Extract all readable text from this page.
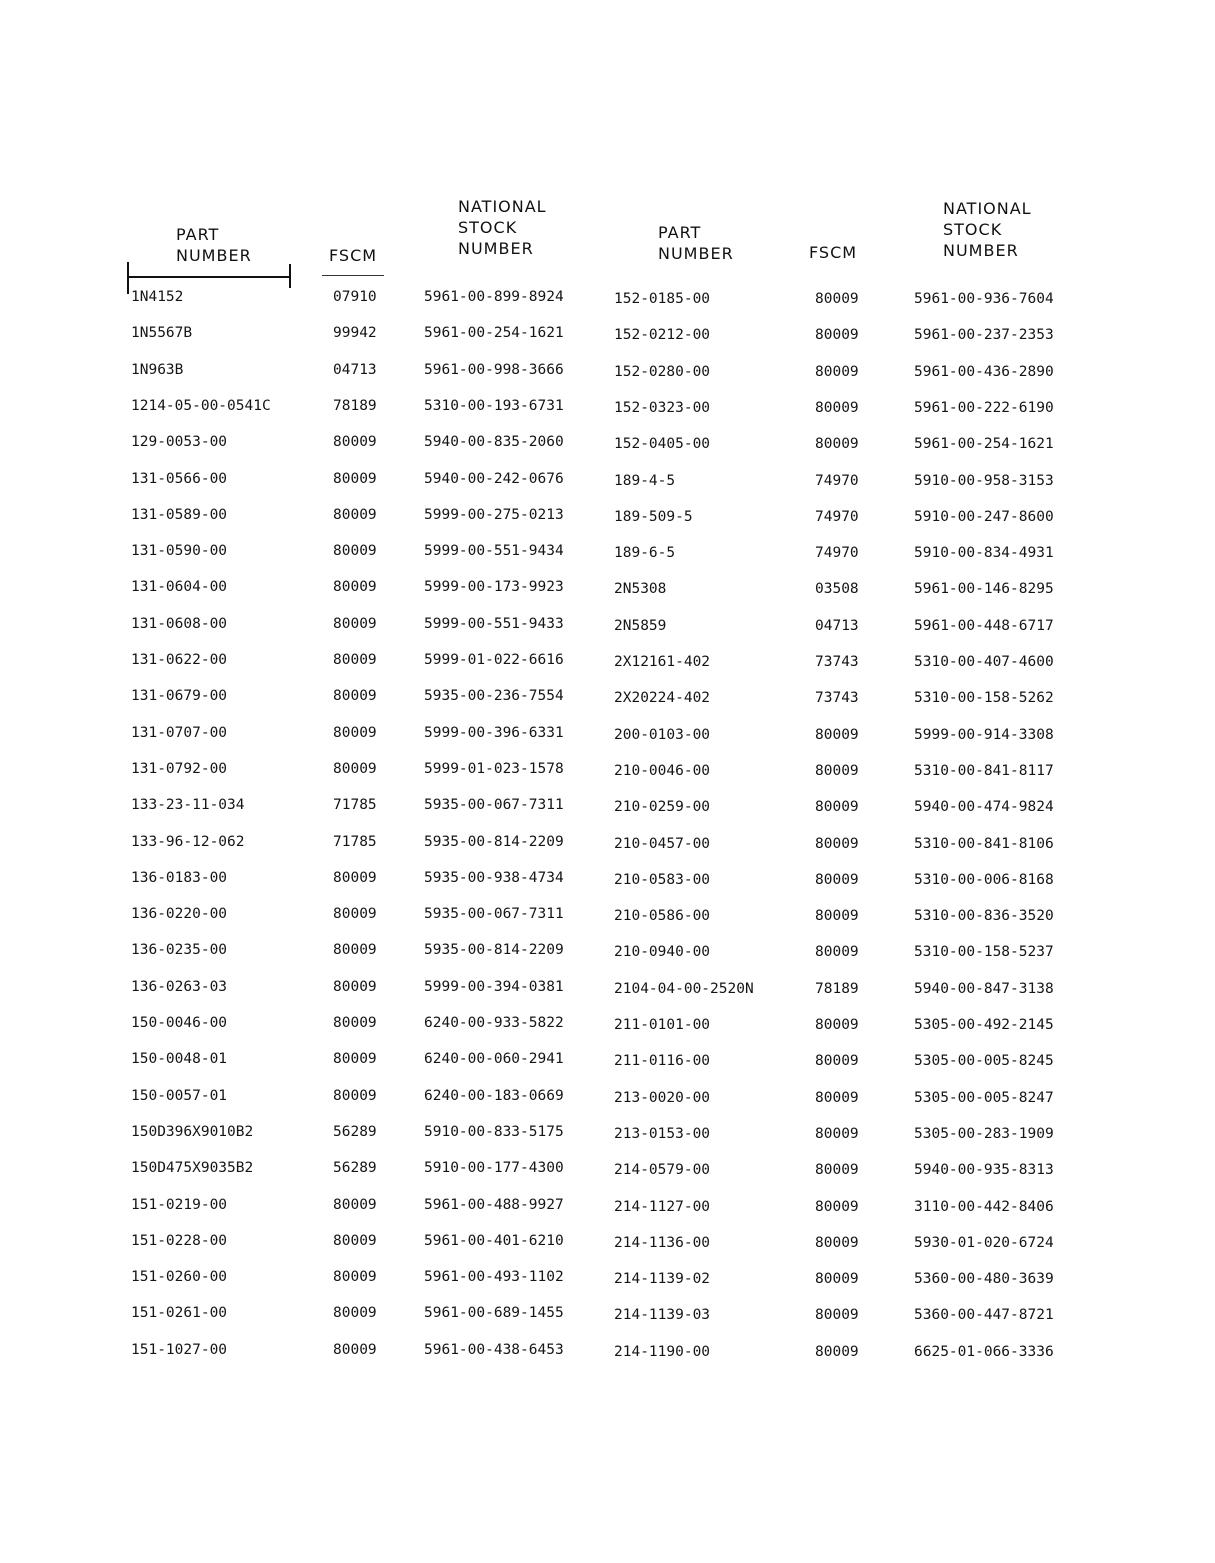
PART
NUMBER	FSCM
NATIONAL
STOCK
NUMBER
PART
NUMBER	FSCM
NATIONAL
STOCK
NUMBER
1N4152	07910	5961-00-899-8924
1N5567B	99942	5961-00-254-1621
1N963B	04713	5961-00-998-3666
1214-05-00-0541C	78189	5310-00-193-6731
129-0053-00	80009	5940-00-835-2060
131-0566-00	80009	5940-00-242-0676
131-0589-00	80009	5999-00-275-0213
131-0590-00	80009	5999-00-551-9434
131-0604-00	80009	5999-00-173-9923
131-0608-00	80009	5999-00-551-9433
131-0622-00	80009	5999-01-022-6616
131-0679-00	80009	5935-00-236-7554
131-0707-00	80009	5999-00-396-6331
131-0792-00	80009	5999-01-023-1578
133-23-11-034	71785	5935-00-067-7311
133-96-12-062	71785	5935-00-814-2209
136-0183-00	80009	5935-00-938-4734
136-0220-00	80009	5935-00-067-7311
136-0235-00	80009	5935-00-814-2209
136-0263-03	80009	5999-00-394-0381
150-0046-00	80009	6240-00-933-5822
150-0048-01	80009	6240-00-060-2941
150-0057-01	80009	6240-00-183-0669
150D396X9010B2	56289	5910-00-833-5175
150D475X9035B2	56289	5910-00-177-4300
151-0219-00	80009	5961-00-488-9927
151-0228-00	80009	5961-00-401-6210
151-0260-00	80009	5961-00-493-1102
151-0261-00	80009	5961-00-689-1455
151-1027-00	80009	5961-00-438-6453
152-0185-00	80009	5961-00-936-7604
152-0212-00	80009	5961-00-237-2353
152-0280-00	80009	5961-00-436-2890
152-0323-00	80009	5961-00-222-6190
152-0405-00	80009	5961-00-254-1621
189-4-5	74970	5910-00-958-3153
189-509-5	74970	5910-00-247-8600
189-6-5	74970	5910-00-834-4931
2N5308	03508	5961-00-146-8295
2N5859	04713	5961-00-448-6717
2X12161-402	73743	5310-00-407-4600
2X20224-402	73743	5310-00-158-5262
200-0103-00	80009	5999-00-914-3308
210-0046-00	80009	5310-00-841-8117
210-0259-00	80009	5940-00-474-9824
210-0457-00	80009	5310-00-841-8106
210-0583-00	80009	5310-00-006-8168
210-0586-00	80009	5310-00-836-3520
210-0940-00	80009	5310-00-158-5237
2104-04-00-2520N	78189	5940-00-847-3138
211-0101-00	80009	5305-00-492-2145
211-0116-00	80009	5305-00-005-8245
213-0020-00	80009	5305-00-005-8247
213-0153-00	80009	5305-00-283-1909
214-0579-00	80009	5940-00-935-8313
214-1127-00	80009	3110-00-442-8406
214-1136-00	80009	5930-01-020-6724
214-1139-02	80009	5360-00-480-3639
214-1139-03	80009	5360-00-447-8721
214-1190-00	80009	6625-01-066-3336
